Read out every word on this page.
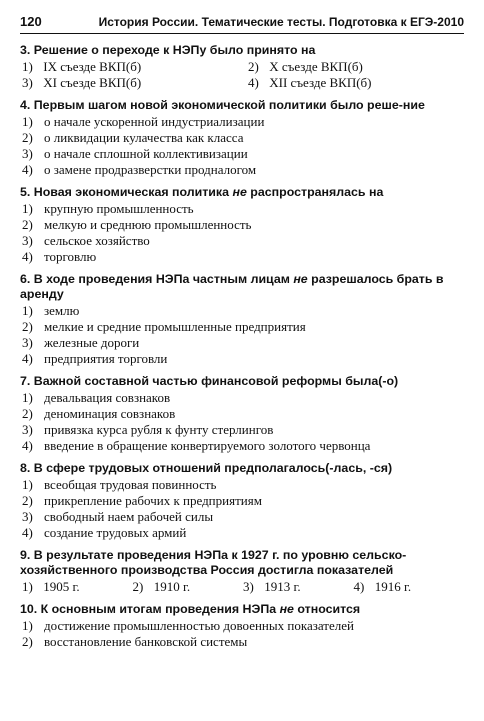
120	История России. Тематические тесты. Подготовка к ЕГЭ-2010
3. Решение о переходе к НЭПу было принято на
1) IX съезде ВКП(б)	2) X съезде ВКП(б)
3) XI съезде ВКП(б)	4) XII съезде ВКП(б)
4. Первым шагом новой экономической политики было реше-ние
1) о начале ускоренной индустриализации
2) о ликвидации кулачества как класса
3) о начале сплошной коллективизации
4) о замене продразверстки продналогом
5. Новая экономическая политика не распространялась на
1) крупную промышленность
2) мелкую и среднюю промышленность
3) сельское хозяйство
4) торговлю
6. В ходе проведения НЭПа частным лицам не разрешалось брать в аренду
1) землю
2) мелкие и средние промышленные предприятия
3) железные дороги
4) предприятия торговли
7. Важной составной частью финансовой реформы была(-о)
1) девальвация совзнаков
2) деноминация совзнаков
3) привязка курса рубля к фунту стерлингов
4) введение в обращение конвертируемого золотого червонца
8. В сфере трудовых отношений предполагалось(-лась, -ся)
1) всеобщая трудовая повинность
2) прикрепление рабочих к предприятиям
3) свободный наем рабочей силы
4) создание трудовых армий
9. В результате проведения НЭПа к 1927 г. по уровню сельско-хозяйственного производства Россия достигла показателей
1) 1905 г.	2) 1910 г.	3) 1913 г.	4) 1916 г.
10. К основным итогам проведения НЭПа не относится
1) достижение промышленностью довоенных показателей
2) восстановление банковской системы
